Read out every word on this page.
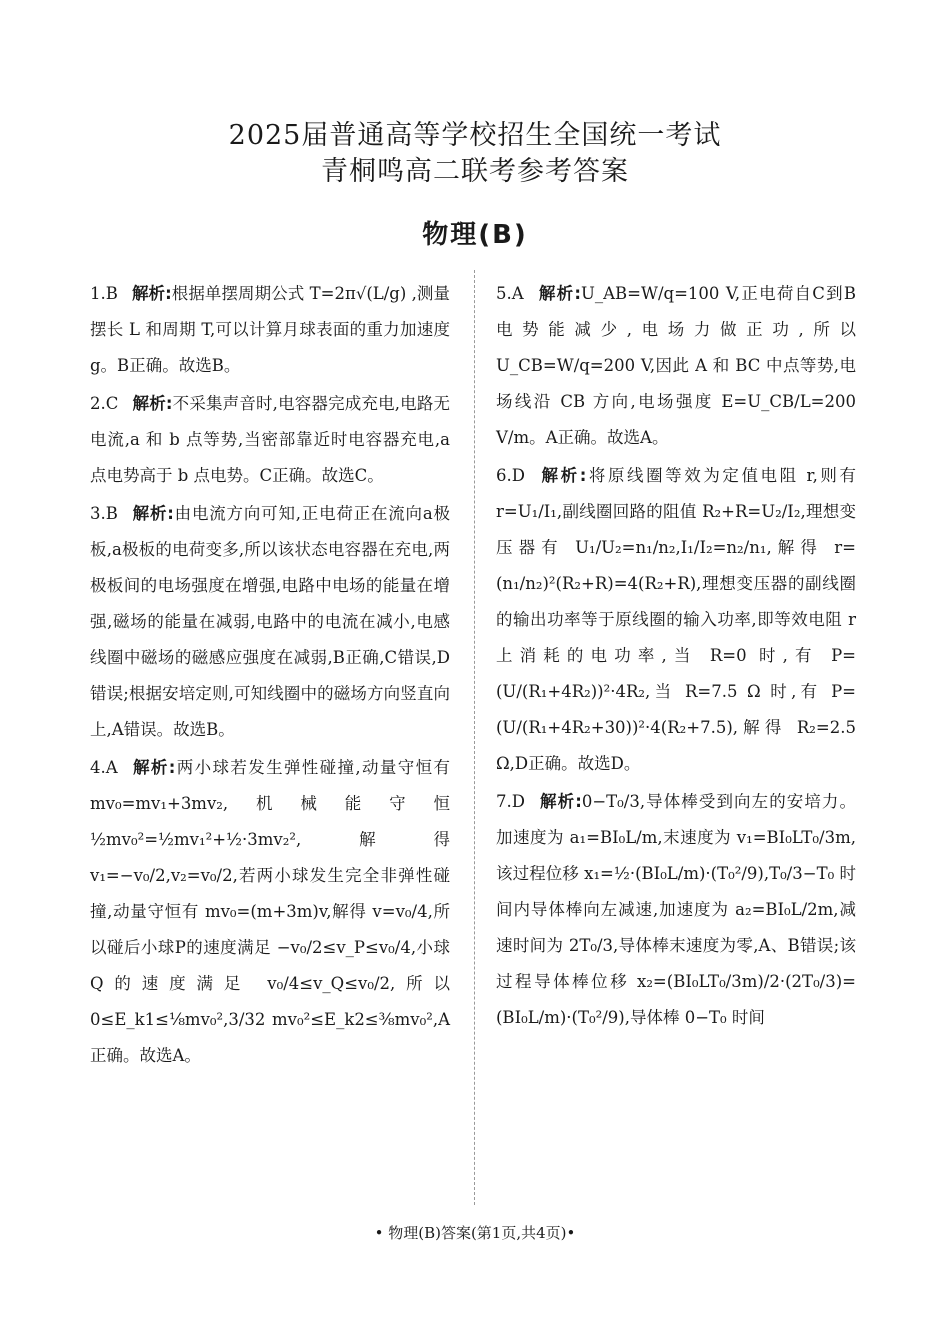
2025届普通高等学校招生全国统一考试
青桐鸣高二联考参考答案
物理(B)

1.B 解析:根据单摆周期公式 T=2π√(L/g) ,测量摆长 L 和周期 T,可以计算月球表面的重力加速度 g。B正确。故选B。

2.C 解析:不采集声音时,电容器完成充电,电路无电流,a 和 b 点等势,当密部靠近时电容器充电,a 点电势高于 b 点电势。C正确。故选C。

3.B 解析:由电流方向可知,正电荷正在流向a极板,a极板的电荷变多,所以该状态电容器在充电,两极板间的电场强度在增强,电路中电场的能量在增强,磁场的能量在减弱,电路中的电流在减小,电感线圈中磁场的磁感应强度在减弱,B正确,C错误,D错误;根据安培定则,可知线圈中的磁场方向竖直向上,A错误。故选B。

4.A 解析:两小球若发生弹性碰撞,动量守恒有 mv₀=mv₁+3mv₂,机械能守恒 ½mv₀²=½mv₁²+½·3mv₂²,解得 v₁=−v₀/2,v₂=v₀/2,若两小球发生完全非弹性碰撞,动量守恒有 mv₀=(m+3m)v,解得 v=v₀/4,所以碰后小球P的速度满足 −v₀/2≤v_P≤v₀/4,小球Q的速度满足 v₀/4≤v_Q≤v₀/2,所以 0≤E_k1≤⅛mv₀²,3/32 mv₀²≤E_k2≤⅜mv₀²,A正确。故选A。

5.A 解析:U_AB=W/q=100 V,正电荷自C到B电势能减少,电场力做正功,所以 U_CB=W/q=200 V,因此 A 和 BC 中点等势,电场线沿 CB 方向,电场强度 E=U_CB/L=200 V/m。A正确。故选A。

6.D 解析:将原线圈等效为定值电阻 r,则有 r=U₁/I₁,副线圈回路的阻值 R₂+R=U₂/I₂,理想变压器有 U₁/U₂=n₁/n₂,I₁/I₂=n₂/n₁,解得 r=(n₁/n₂)²(R₂+R)=4(R₂+R),理想变压器的副线圈的输出功率等于原线圈的输入功率,即等效电阻 r 上消耗的电功率,当 R=0 时,有 P=(U/(R₁+4R₂))²·4R₂,当 R=7.5 Ω 时,有 P=(U/(R₁+4R₂+30))²·4(R₂+7.5),解得 R₂=2.5 Ω,D正确。故选D。

7.D 解析:0−T₀/3,导体棒受到向左的安培力。加速度为 a₁=BI₀L/m,末速度为 v₁=BI₀LT₀/3m,该过程位移 x₁=½·(BI₀L/m)·(T₀²/9),T₀/3−T₀ 时间内导体棒向左减速,加速度为 a₂=BI₀L/2m,减速时间为 2T₀/3,导体棒末速度为零,A、B错误;该过程导体棒位移 x₂=(BI₀LT₀/3m)/2·(2T₀/3)=(BI₀L/m)·(T₀²/9),导体棒 0−T₀ 时间

• 物理(B)答案(第1页,共4页)•
